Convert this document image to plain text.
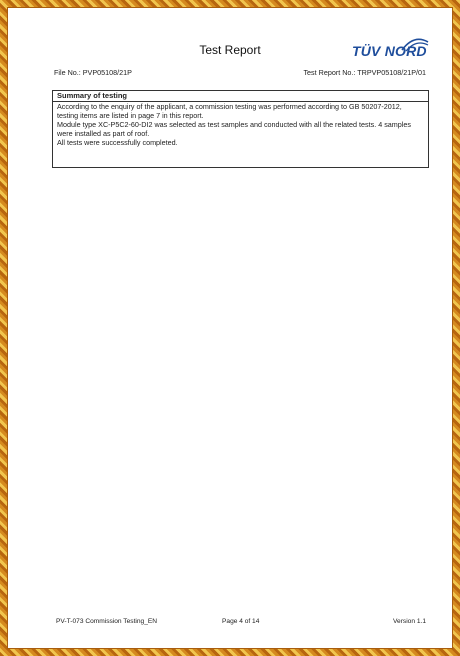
Test Report	TÜV NORD
File No.: PVP05108/21P	Test Report No.: TRPVP05108/21P/01
Summary of testing

According to the enquiry of the applicant, a commission testing was performed according to GB 50207-2012, testing items are listed in page 7 in this report.

Module type XC-P5C2-60-DI2 was selected as test samples and conducted with all the related tests. 4 samples were installed as part of roof.

All tests were successfully completed.

PV-T-073 Commission Testing_EN	Page 4 of 14	Version 1.1
